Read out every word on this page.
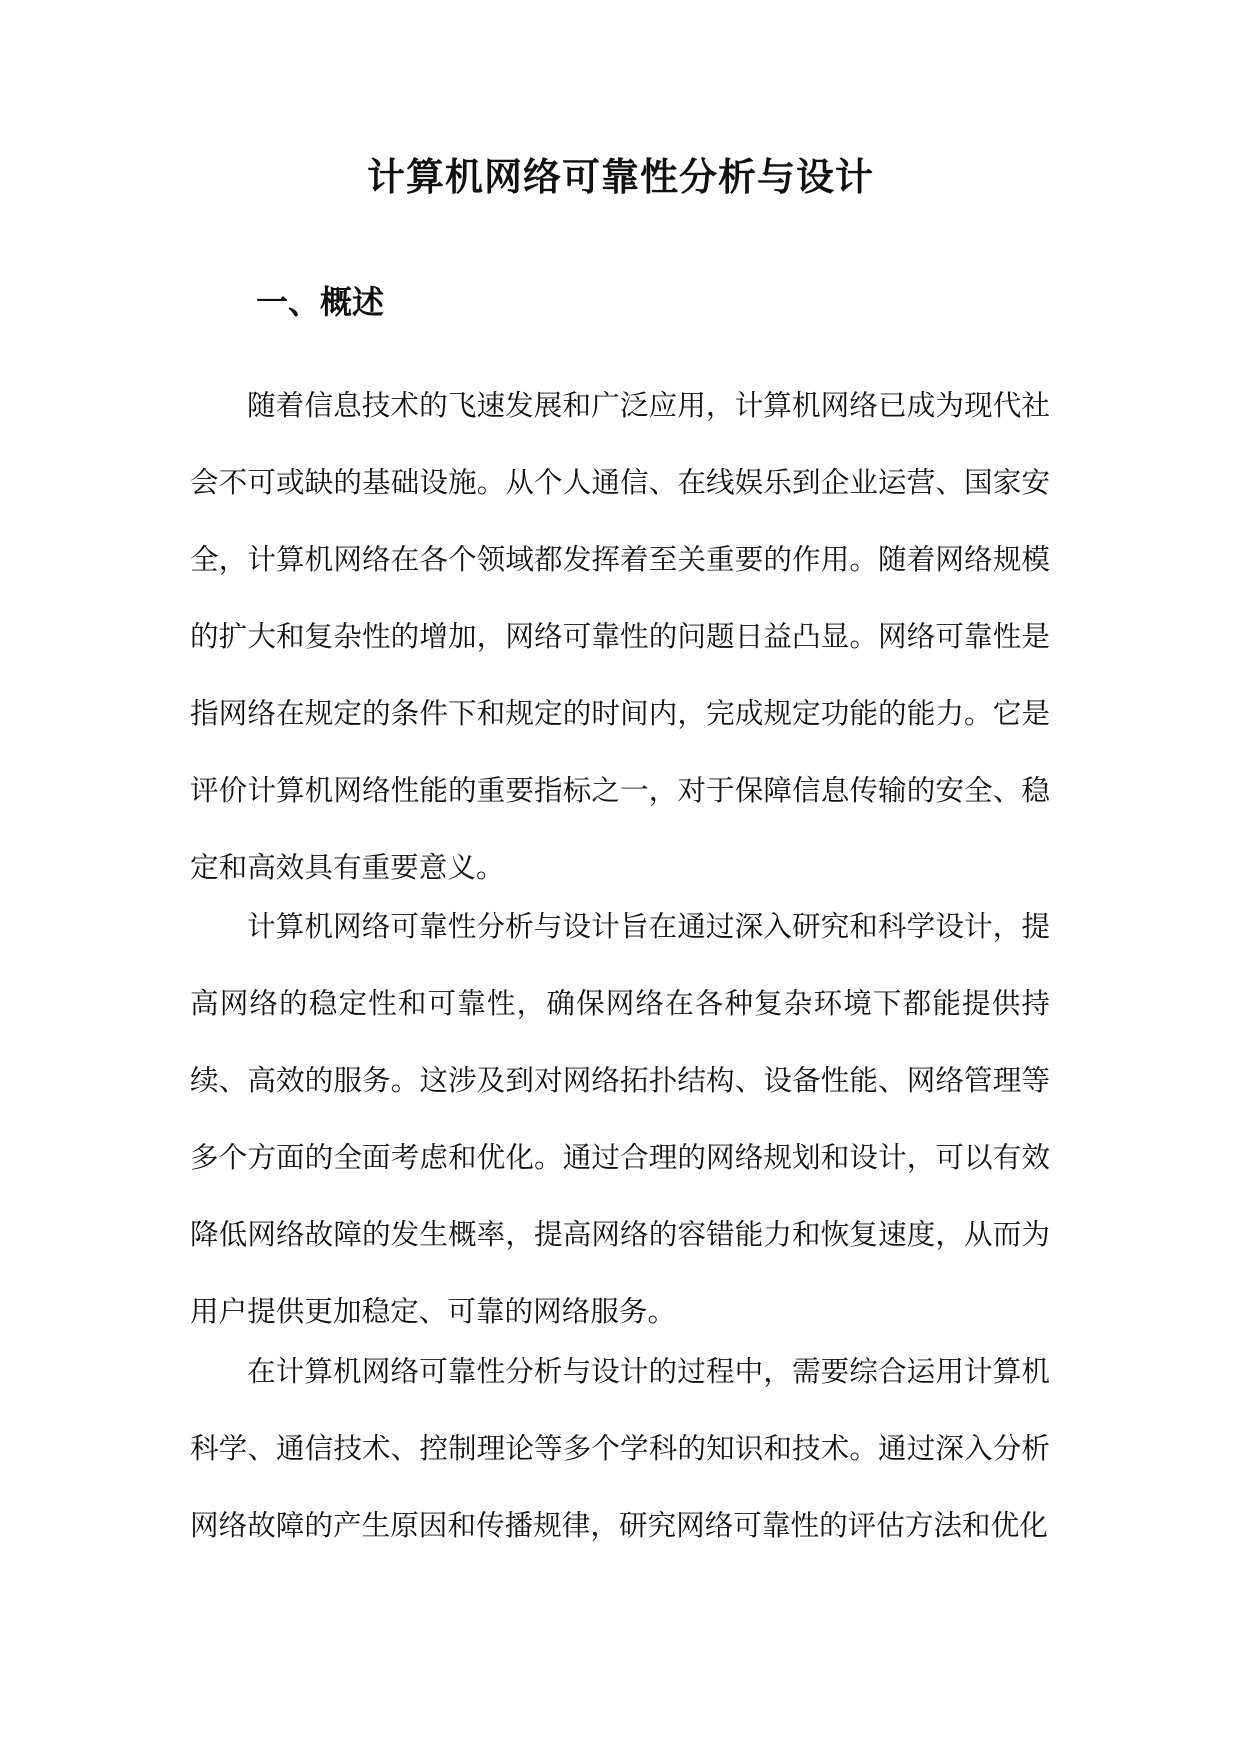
计算机网络可靠性分析与设计
一、概述

随着信息技术的飞速发展和广泛应用，计算机网络已成为现代社会不可或缺的基础设施。从个人通信、在线娱乐到企业运营、国家安全，计算机网络在各个领域都发挥着至关重要的作用。随着网络规模的扩大和复杂性的增加，网络可靠性的问题日益凸显。网络可靠性是指网络在规定的条件下和规定的时间内，完成规定功能的能力。它是评价计算机网络性能的重要指标之一，对于保障信息传输的安全、稳定和高效具有重要意义。

计算机网络可靠性分析与设计旨在通过深入研究和科学设计，提高网络的稳定性和可靠性，确保网络在各种复杂环境下都能提供持续、高效的服务。这涉及到对网络拓扑结构、设备性能、网络管理等多个方面的全面考虑和优化。通过合理的网络规划和设计，可以有效降低网络故障的发生概率，提高网络的容错能力和恢复速度，从而为用户提供更加稳定、可靠的网络服务。

在计算机网络可靠性分析与设计的过程中，需要综合运用计算机科学、通信技术、控制理论等多个学科的知识和技术。通过深入分析网络故障的产生原因和传播规律，研究网络可靠性的评估方法和优化
